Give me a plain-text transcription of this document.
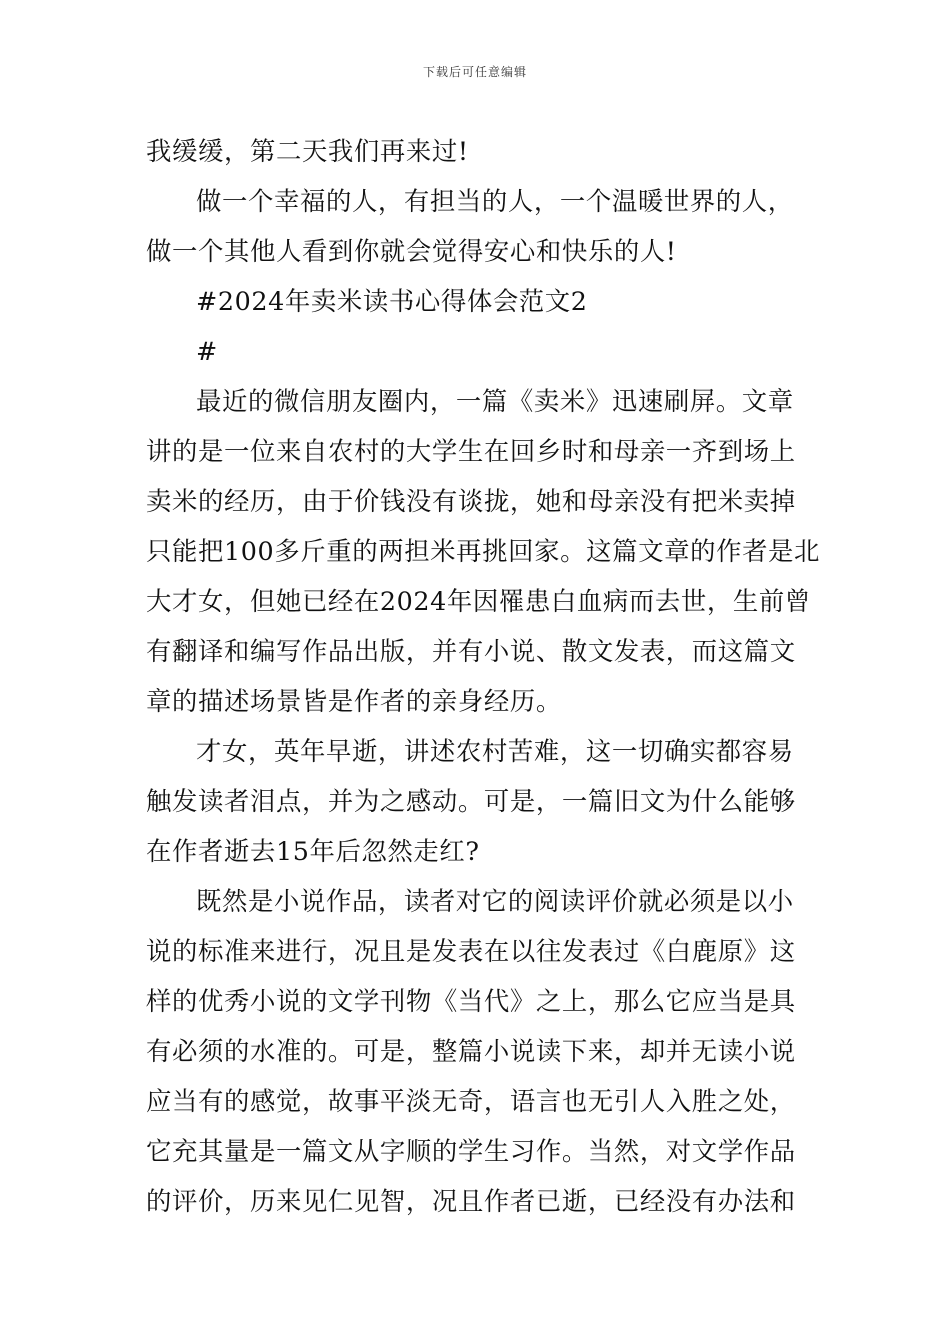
下载后可任意编辑
我缓缓，第二天我们再来过!
做一个幸福的人，有担当的人，一个温暖世界的人，
做一个其他人看到你就会觉得安心和快乐的人!
#2024年卖米读书心得体会范文2
#
最近的微信朋友圈内，一篇《卖米》迅速刷屏。文章
讲的是一位来自农村的大学生在回乡时和母亲一齐到场上
卖米的经历，由于价钱没有谈拢，她和母亲没有把米卖掉
只能把100多斤重的两担米再挑回家。这篇文章的作者是北
大才女，但她已经在2024年因罹患白血病而去世，生前曾
有翻译和编写作品出版，并有小说、散文发表，而这篇文
章的描述场景皆是作者的亲身经历。
才女，英年早逝，讲述农村苦难，这一切确实都容易
触发读者泪点，并为之感动。可是，一篇旧文为什么能够
在作者逝去15年后忽然走红?
既然是小说作品，读者对它的阅读评价就必须是以小
说的标准来进行，况且是发表在以往发表过《白鹿原》这
样的优秀小说的文学刊物《当代》之上，那么它应当是具
有必须的水准的。可是，整篇小说读下来，却并无读小说
应当有的感觉，故事平淡无奇，语言也无引人入胜之处，
它充其量是一篇文从字顺的学生习作。当然，对文学作品
的评价，历来见仁见智，况且作者已逝，已经没有办法和
